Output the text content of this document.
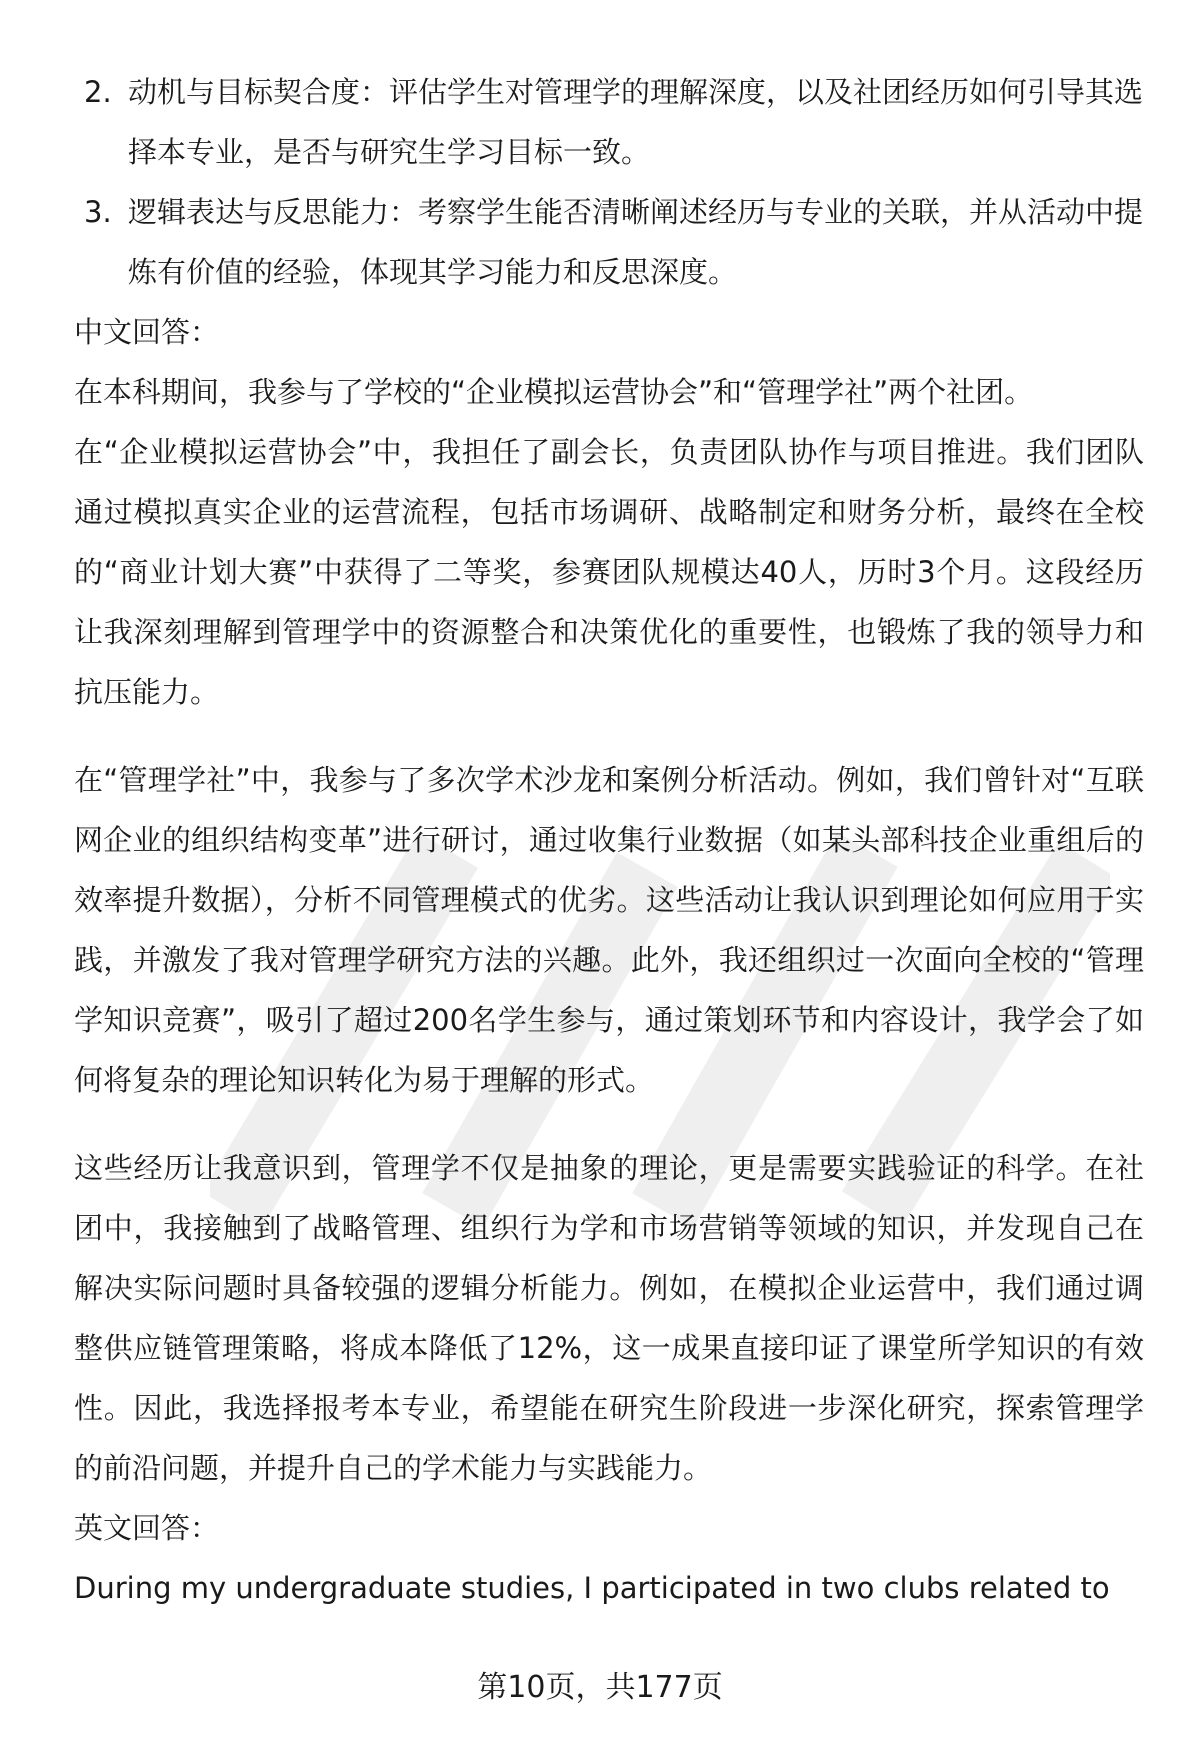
2. 动机与目标契合度：评估学生对管理学的理解深度，以及社团经历如何引导其选择本专业，是否与研究生学习目标一致。
3. 逻辑表达与反思能力：考察学生能否清晰阐述经历与专业的关联，并从活动中提炼有价值的经验，体现其学习能力和反思深度。

中文回答：

在本科期间，我参与了学校的“企业模拟运营协会”和“管理学社”两个社团。

在“企业模拟运营协会”中，我担任了副会长，负责团队协作与项目推进。我们团队通过模拟真实企业的运营流程，包括市场调研、战略制定和财务分析，最终在全校的“商业计划大赛”中获得了二等奖，参赛团队规模达40人，历时3个月。这段经历让我深刻理解到管理学中的资源整合和决策优化的重要性，也锻炼了我的领导力和抗压能力。

在“管理学社”中，我参与了多次学术沙龙和案例分析活动。例如，我们曾针对“互联网企业的组织结构变革”进行研讨，通过收集行业数据（如某头部科技企业重组后的效率提升数据），分析不同管理模式的优劣。这些活动让我认识到理论如何应用于实践，并激发了我对管理学研究方法的兴趣。此外，我还组织过一次面向全校的“管理学知识竞赛”，吸引了超过200名学生参与，通过策划环节和内容设计，我学会了如何将复杂的理论知识转化为易于理解的形式。

这些经历让我意识到，管理学不仅是抽象的理论，更是需要实践验证的科学。在社团中，我接触到了战略管理、组织行为学和市场营销等领域的知识，并发现自己在解决实际问题时具备较强的逻辑分析能力。例如，在模拟企业运营中，我们通过调整供应链管理策略，将成本降低了12%，这一成果直接印证了课堂所学知识的有效性。因此，我选择报考本专业，希望能在研究生阶段进一步深化研究，探索管理学的前沿问题，并提升自己的学术能力与实践能力。

英文回答：

During my undergraduate studies, I participated in two clubs related to

第10页，共177页
